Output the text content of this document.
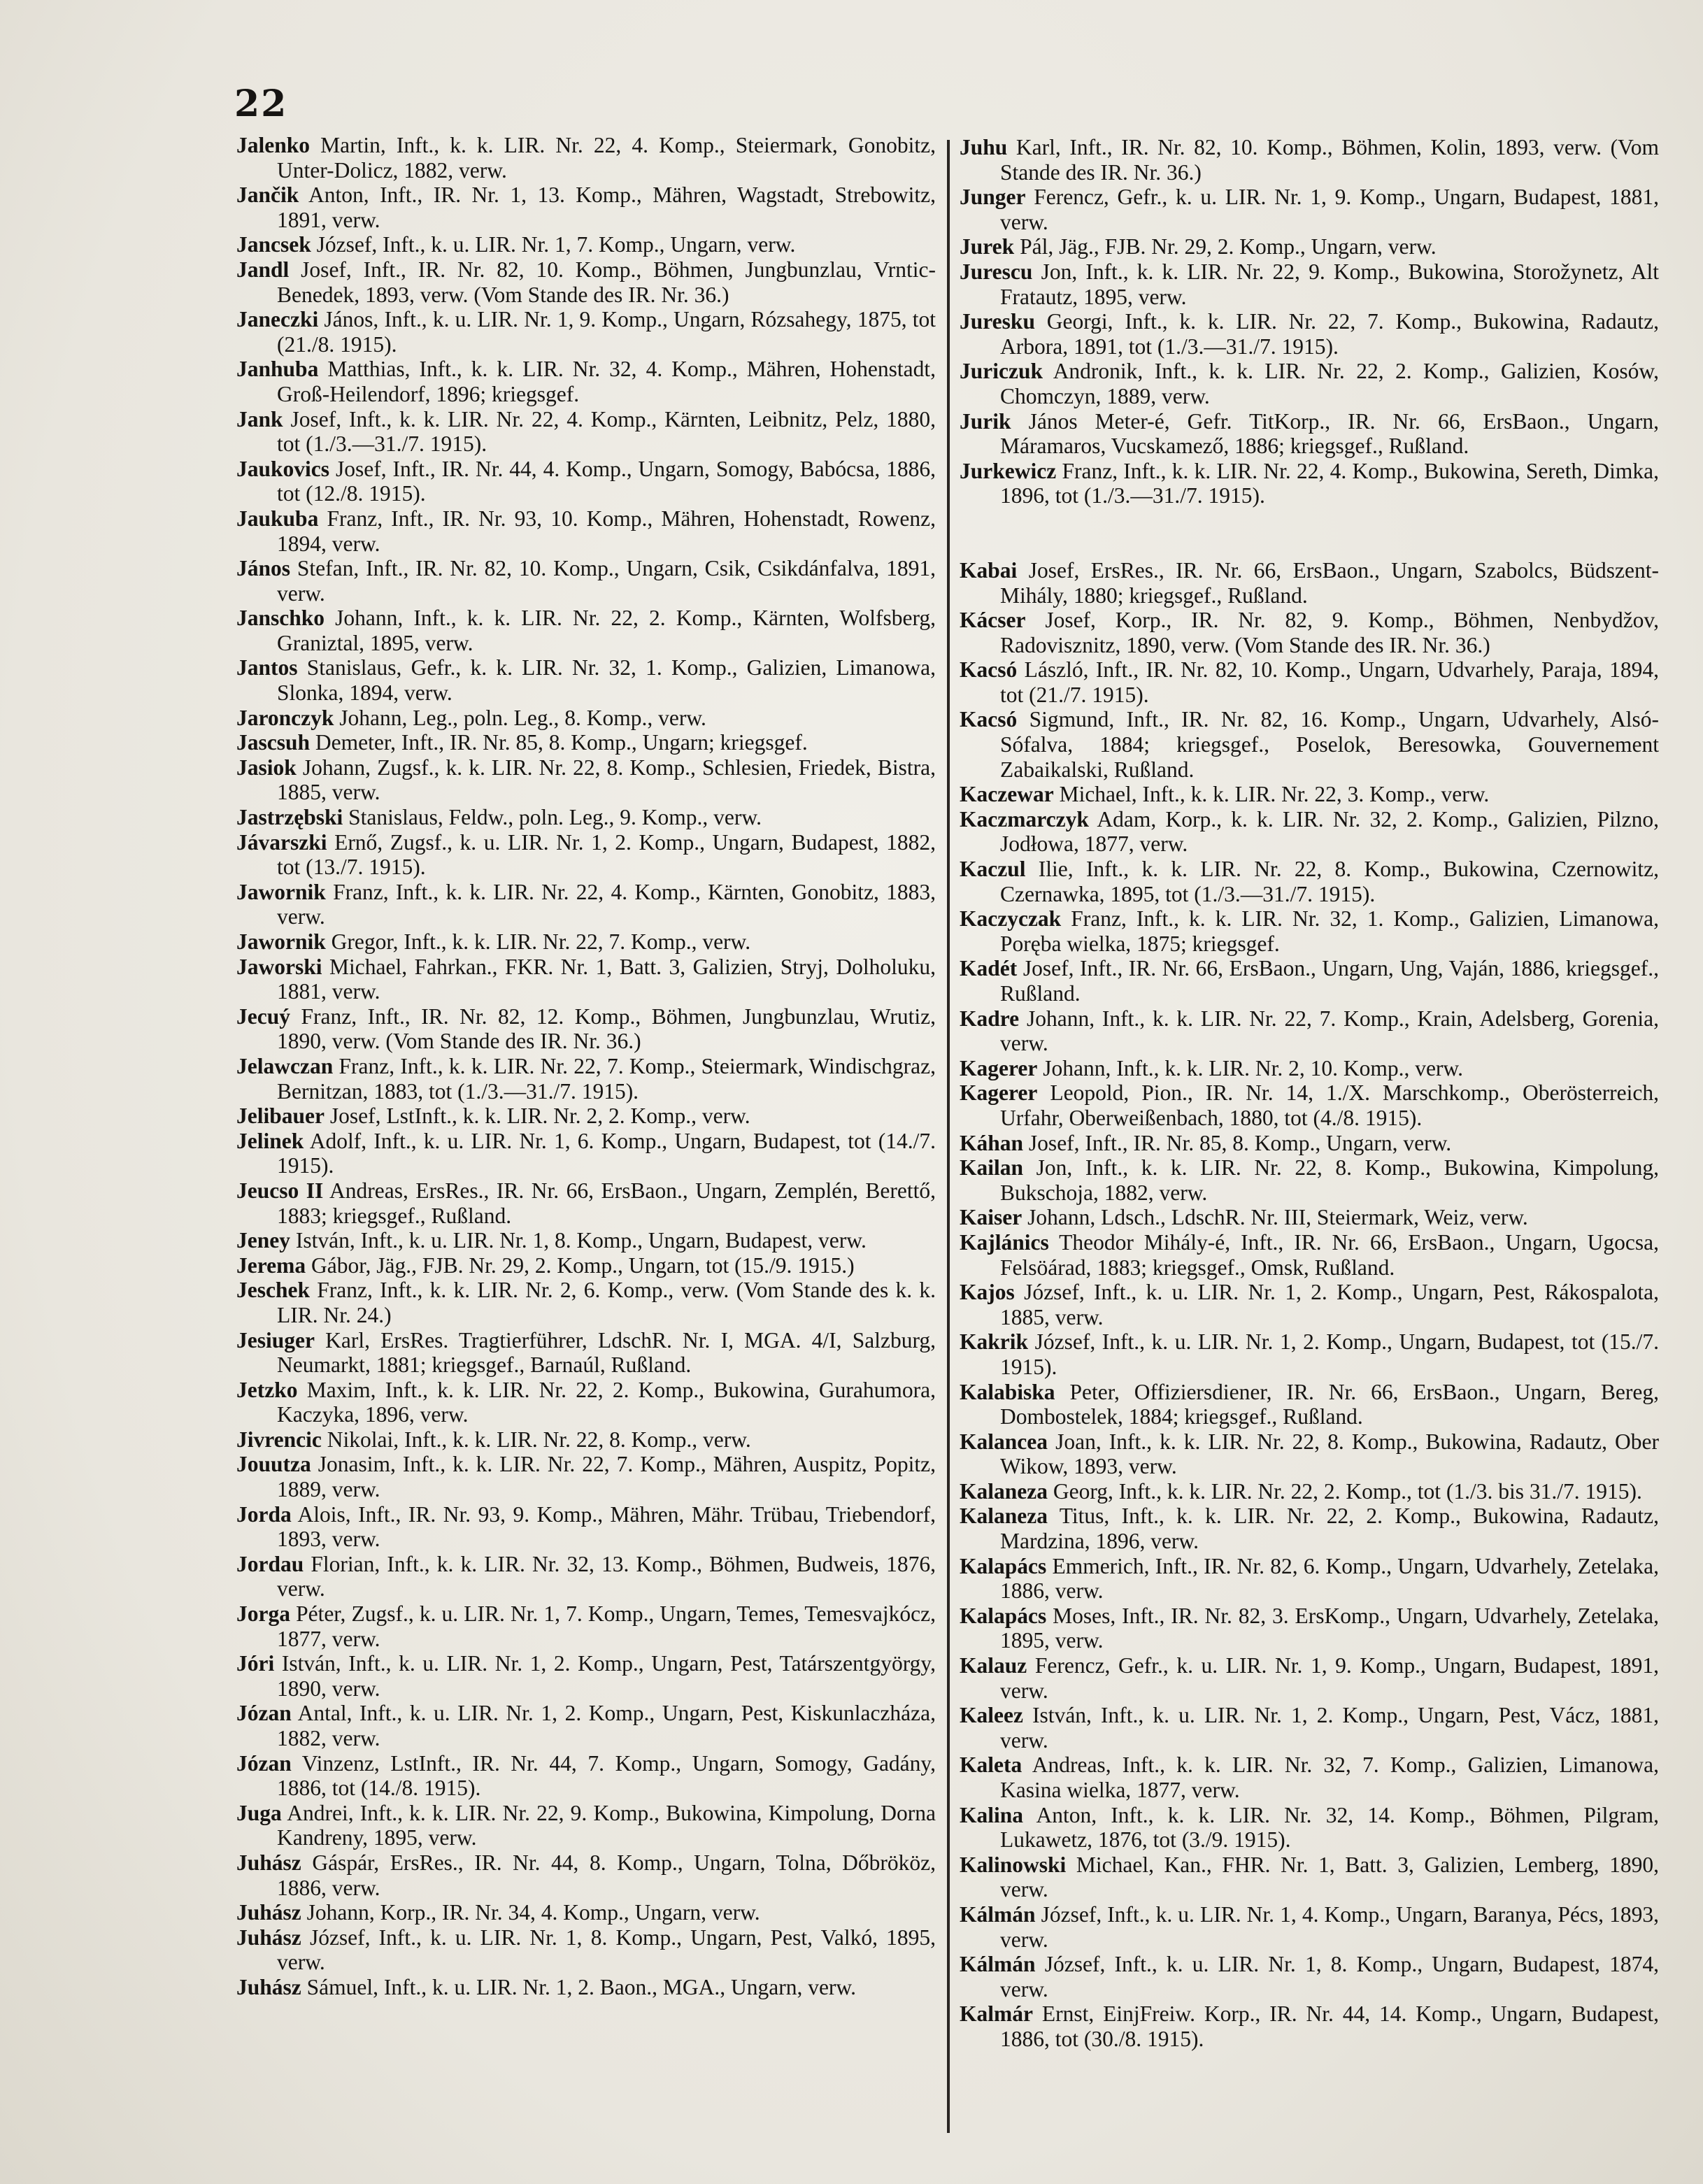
22
Jalenko Martin, Inft., k. k. LIR. Nr. 22, 4. Komp., Steiermark, Gonobitz, Unter-Dolicz, 1882, verw.
Jančik Anton, Inft., IR. Nr. 1, 13. Komp., Mähren, Wagstadt, Strebowitz, 1891, verw.
Jancsek József, Inft., k. u. LIR. Nr. 1, 7. Komp., Ungarn, verw.
Jandl Josef, Inft., IR. Nr. 82, 10. Komp., Böhmen, Jungbunzlau, Vrntic-Benedek, 1893, verw. (Vom Stande des IR. Nr. 36.)
Janeczki János, Inft., k. u. LIR. Nr. 1, 9. Komp., Ungarn, Rózsahegy, 1875, tot (21./8. 1915).
Janhuba Matthias, Inft., k. k. LIR. Nr. 32, 4. Komp., Mähren, Hohenstadt, Groß-Heilendorf, 1896; kriegsgef.
Jank Josef, Inft., k. k. LIR. Nr. 22, 4. Komp., Kärnten, Leibnitz, Pelz, 1880, tot (1./3.—31./7. 1915).
Jaukovics Josef, Inft., IR. Nr. 44, 4. Komp., Ungarn, Somogy, Babócsa, 1886, tot (12./8. 1915).
Jaukuba Franz, Inft., IR. Nr. 93, 10. Komp., Mähren, Hohenstadt, Rowenz, 1894, verw.
János Stefan, Inft., IR. Nr. 82, 10. Komp., Ungarn, Csik, Csikdánfalva, 1891, verw.
Janschko Johann, Inft., k. k. LIR. Nr. 22, 2. Komp., Kärnten, Wolfsberg, Graniztal, 1895, verw.
Jantos Stanislaus, Gefr., k. k. LIR. Nr. 32, 1. Komp., Galizien, Limanowa, Slonka, 1894, verw.
Jaronczyk Johann, Leg., poln. Leg., 8. Komp., verw.
Jascsuh Demeter, Inft., IR. Nr. 85, 8. Komp., Ungarn; kriegsgef.
Jasiok Johann, Zugsf., k. k. LIR. Nr. 22, 8. Komp., Schlesien, Friedek, Bistra, 1885, verw.
Jastrzębski Stanislaus, Feldw., poln. Leg., 9. Komp., verw.
Jávarszki Ernő, Zugsf., k. u. LIR. Nr. 1, 2. Komp., Ungarn, Budapest, 1882, tot (13./7. 1915).
Jawornik Franz, Inft., k. k. LIR. Nr. 22, 4. Komp., Kärnten, Gonobitz, 1883, verw.
Jawornik Gregor, Inft., k. k. LIR. Nr. 22, 7. Komp., verw.
Jaworski Michael, Fahrkan., FKR. Nr. 1, Batt. 3, Galizien, Stryj, Dolholuku, 1881, verw.
Jecuý Franz, Inft., IR. Nr. 82, 12. Komp., Böhmen, Jungbunzlau, Wrutiz, 1890, verw. (Vom Stande des IR. Nr. 36.)
Jelawczan Franz, Inft., k. k. LIR. Nr. 22, 7. Komp., Steiermark, Windischgraz, Bernitzan, 1883, tot (1./3.—31./7. 1915).
Jelibauer Josef, LstInft., k. k. LIR. Nr. 2, 2. Komp., verw.
Jelinek Adolf, Inft., k. u. LIR. Nr. 1, 6. Komp., Ungarn, Budapest, tot (14./7. 1915).
Jeucso II Andreas, ErsRes., IR. Nr. 66, ErsBaon., Ungarn, Zemplén, Berettő, 1883; kriegsgef., Rußland.
Jeney István, Inft., k. u. LIR. Nr. 1, 8. Komp., Ungarn, Budapest, verw.
Jerema Gábor, Jäg., FJB. Nr. 29, 2. Komp., Ungarn, tot (15./9. 1915.)
Jeschek Franz, Inft., k. k. LIR. Nr. 2, 6. Komp., verw. (Vom Stande des k. k. LIR. Nr. 24.)
Jesiuger Karl, ErsRes. Tragtierführer, LdschR. Nr. I, MGA. 4/I, Salzburg, Neumarkt, 1881; kriegsgef., Barnaúl, Rußland.
Jetzko Maxim, Inft., k. k. LIR. Nr. 22, 2. Komp., Bukowina, Gurahumora, Kaczyka, 1896, verw.
Jivrencic Nikolai, Inft., k. k. LIR. Nr. 22, 8. Komp., verw.
Jouutza Jonasim, Inft., k. k. LIR. Nr. 22, 7. Komp., Mähren, Auspitz, Popitz, 1889, verw.
Jorda Alois, Inft., IR. Nr. 93, 9. Komp., Mähren, Mähr. Trübau, Triebendorf, 1893, verw.
Jordau Florian, Inft., k. k. LIR. Nr. 32, 13. Komp., Böhmen, Budweis, 1876, verw.
Jorga Péter, Zugsf., k. u. LIR. Nr. 1, 7. Komp., Ungarn, Temes, Temesvajkócz, 1877, verw.
Jóri István, Inft., k. u. LIR. Nr. 1, 2. Komp., Ungarn, Pest, Tatárszentgyörgy, 1890, verw.
Józan Antal, Inft., k. u. LIR. Nr. 1, 2. Komp., Ungarn, Pest, Kiskunlaczháza, 1882, verw.
Józan Vinzenz, LstInft., IR. Nr. 44, 7. Komp., Ungarn, Somogy, Gadány, 1886, tot (14./8. 1915).
Juga Andrei, Inft., k. k. LIR. Nr. 22, 9. Komp., Bukowina, Kimpolung, Dorna Kandreny, 1895, verw.
Juhász Gáspár, ErsRes., IR. Nr. 44, 8. Komp., Ungarn, Tolna, Dőbrököz, 1886, verw.
Juhász Johann, Korp., IR. Nr. 34, 4. Komp., Ungarn, verw.
Juhász József, Inft., k. u. LIR. Nr. 1, 8. Komp., Ungarn, Pest, Valkó, 1895, verw.
Juhász Sámuel, Inft., k. u. LIR. Nr. 1, 2. Baon., MGA., Ungarn, verw.
Juhu Karl, Inft., IR. Nr. 82, 10. Komp., Böhmen, Kolin, 1893, verw. (Vom Stande des IR. Nr. 36.)
Junger Ferencz, Gefr., k. u. LIR. Nr. 1, 9. Komp., Ungarn, Budapest, 1881, verw.
Jurek Pál, Jäg., FJB. Nr. 29, 2. Komp., Ungarn, verw.
Jurescu Jon, Inft., k. k. LIR. Nr. 22, 9. Komp., Bukowina, Storožynetz, Alt Fratautz, 1895, verw.
Juresku Georgi, Inft., k. k. LIR. Nr. 22, 7. Komp., Bukowina, Radautz, Arbora, 1891, tot (1./3.—31./7. 1915).
Juriczuk Andronik, Inft., k. k. LIR. Nr. 22, 2. Komp., Galizien, Kosów, Chomczyn, 1889, verw.
Jurik János Meter-é, Gefr. TitKorp., IR. Nr. 66, ErsBaon., Ungarn, Máramaros, Vucskamező, 1886; kriegsgef., Rußland.
Jurkewicz Franz, Inft., k. k. LIR. Nr. 22, 4. Komp., Bukowina, Sereth, Dimka, 1896, tot (1./3.—31./7. 1915).
Kabai Josef, ErsRes., IR. Nr. 66, ErsBaon., Ungarn, Szabolcs, Büdszent-Mihály, 1880; kriegsgef., Rußland.
Kácser Josef, Korp., IR. Nr. 82, 9. Komp., Böhmen, Nenbydžov, Radovisznitz, 1890, verw. (Vom Stande des IR. Nr. 36.)
Kacsó László, Inft., IR. Nr. 82, 10. Komp., Ungarn, Udvarhely, Paraja, 1894, tot (21./7. 1915).
Kacsó Sigmund, Inft., IR. Nr. 82, 16. Komp., Ungarn, Udvarhely, Alsó-Sófalva, 1884; kriegsgef., Poselok, Beresowka, Gouvernement Zabaikalski, Rußland.
Kaczewar Michael, Inft., k. k. LIR. Nr. 22, 3. Komp., verw.
Kaczmarczyk Adam, Korp., k. k. LIR. Nr. 32, 2. Komp., Galizien, Pilzno, Jodłowa, 1877, verw.
Kaczul Ilie, Inft., k. k. LIR. Nr. 22, 8. Komp., Bukowina, Czernowitz, Czernawka, 1895, tot (1./3.—31./7. 1915).
Kaczyczak Franz, Inft., k. k. LIR. Nr. 32, 1. Komp., Galizien, Limanowa, Poręba wielka, 1875; kriegsgef.
Kadét Josef, Inft., IR. Nr. 66, ErsBaon., Ungarn, Ung, Vaján, 1886, kriegsgef., Rußland.
Kadre Johann, Inft., k. k. LIR. Nr. 22, 7. Komp., Krain, Adelsberg, Gorenia, verw.
Kagerer Johann, Inft., k. k. LIR. Nr. 2, 10. Komp., verw.
Kagerer Leopold, Pion., IR. Nr. 14, 1./X. Marschkomp., Oberösterreich, Urfahr, Oberweißenbach, 1880, tot (4./8. 1915).
Káhan Josef, Inft., IR. Nr. 85, 8. Komp., Ungarn, verw.
Kailan Jon, Inft., k. k. LIR. Nr. 22, 8. Komp., Bukowina, Kimpolung, Bukschoja, 1882, verw.
Kaiser Johann, Ldsch., LdschR. Nr. III, Steiermark, Weiz, verw.
Kajlánics Theodor Mihály-é, Inft., IR. Nr. 66, ErsBaon., Ungarn, Ugocsa, Felsöárad, 1883; kriegsgef., Omsk, Rußland.
Kajos József, Inft., k. u. LIR. Nr. 1, 2. Komp., Ungarn, Pest, Rákospalota, 1885, verw.
Kakrik József, Inft., k. u. LIR. Nr. 1, 2. Komp., Ungarn, Budapest, tot (15./7. 1915).
Kalabiska Peter, Offiziersdiener, IR. Nr. 66, ErsBaon., Ungarn, Bereg, Dombostelek, 1884; kriegsgef., Rußland.
Kalancea Joan, Inft., k. k. LIR. Nr. 22, 8. Komp., Bukowina, Radautz, Ober Wikow, 1893, verw.
Kalaneza Georg, Inft., k. k. LIR. Nr. 22, 2. Komp., tot (1./3. bis 31./7. 1915).
Kalaneza Titus, Inft., k. k. LIR. Nr. 22, 2. Komp., Bukowina, Radautz, Mardzina, 1896, verw.
Kalapács Emmerich, Inft., IR. Nr. 82, 6. Komp., Ungarn, Udvarhely, Zetelaka, 1886, verw.
Kalapács Moses, Inft., IR. Nr. 82, 3. ErsKomp., Ungarn, Udvarhely, Zetelaka, 1895, verw.
Kalauz Ferencz, Gefr., k. u. LIR. Nr. 1, 9. Komp., Ungarn, Budapest, 1891, verw.
Kaleez István, Inft., k. u. LIR. Nr. 1, 2. Komp., Ungarn, Pest, Vácz, 1881, verw.
Kaleta Andreas, Inft., k. k. LIR. Nr. 32, 7. Komp., Galizien, Limanowa, Kasina wielka, 1877, verw.
Kalina Anton, Inft., k. k. LIR. Nr. 32, 14. Komp., Böhmen, Pilgram, Lukawetz, 1876, tot (3./9. 1915).
Kalinowski Michael, Kan., FHR. Nr. 1, Batt. 3, Galizien, Lemberg, 1890, verw.
Kálmán József, Inft., k. u. LIR. Nr. 1, 4. Komp., Ungarn, Baranya, Pécs, 1893, verw.
Kálmán József, Inft., k. u. LIR. Nr. 1, 8. Komp., Ungarn, Budapest, 1874, verw.
Kalmár Ernst, EinjFreiw. Korp., IR. Nr. 44, 14. Komp., Ungarn, Budapest, 1886, tot (30./8. 1915).
